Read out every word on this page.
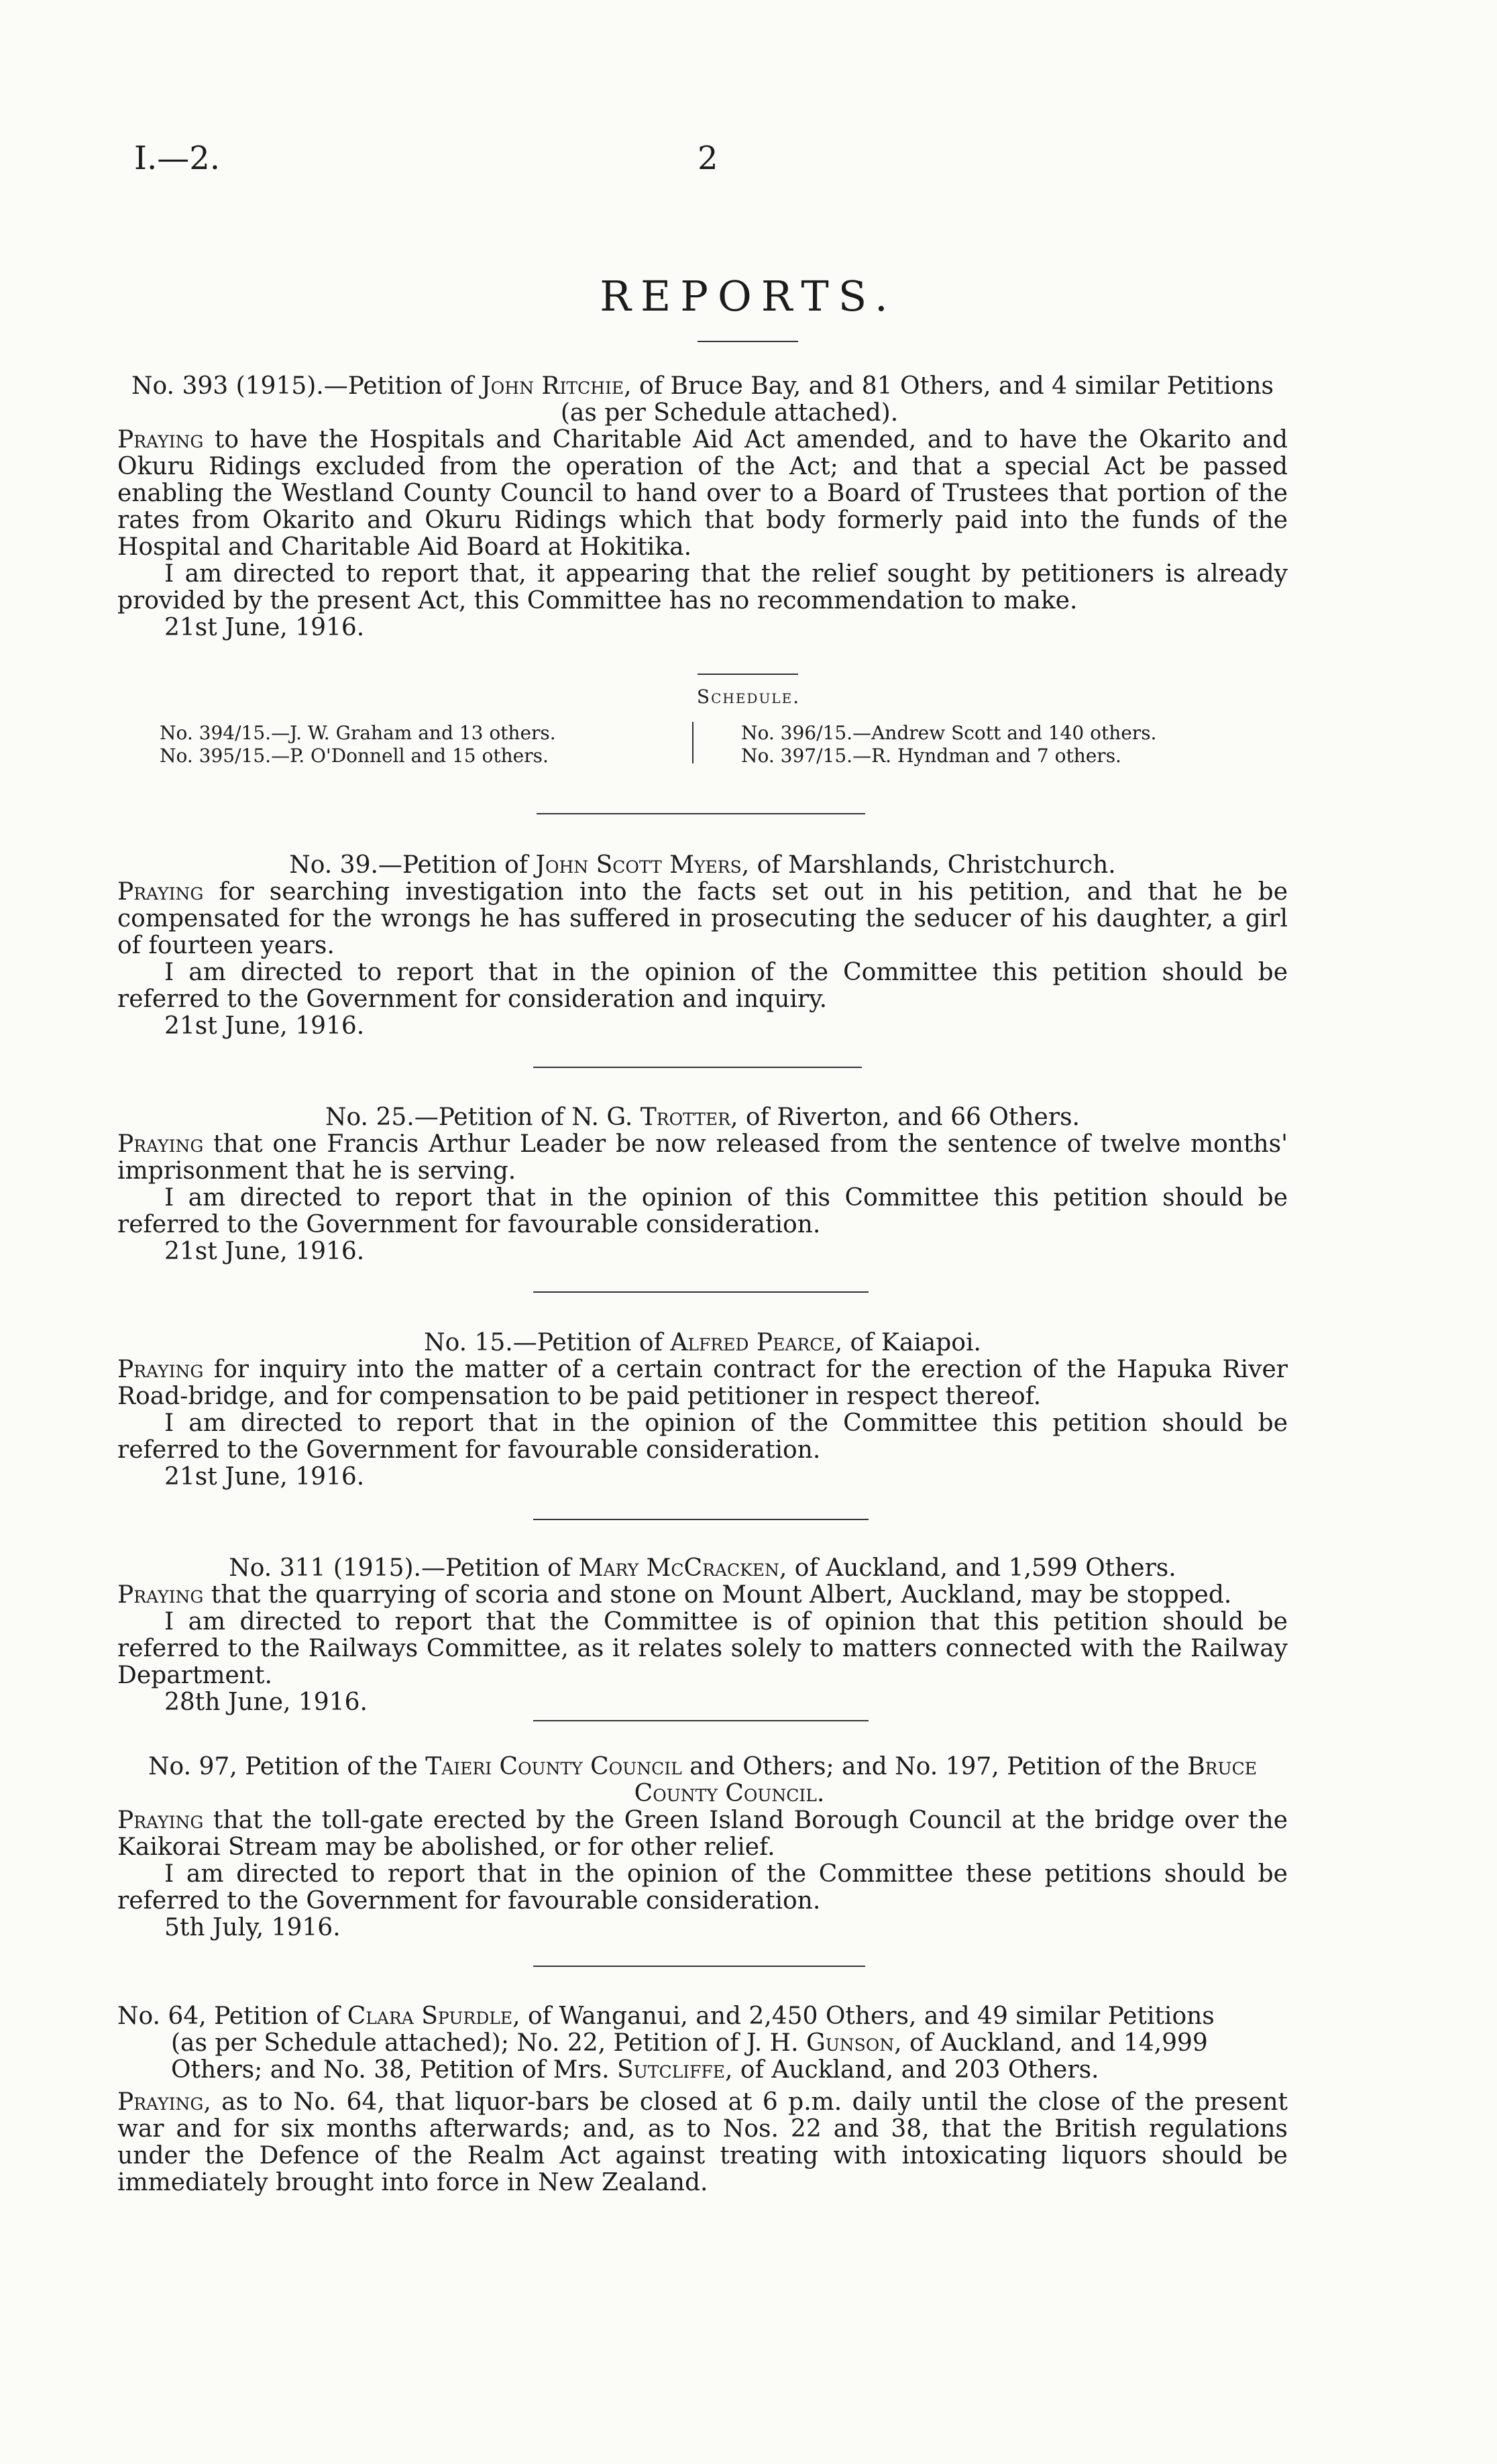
I.—2.	2
REPORTS.
No. 393 (1915).—Petition of John Ritchie, of Bruce Bay, and 81 Others, and 4 similar Petitions
(as per Schedule attached).

Praying to have the Hospitals and Charitable Aid Act amended, and to have the Okarito and Okuru Ridings excluded from the operation of the Act; and that a special Act be passed enabling the Westland County Council to hand over to a Board of Trustees that portion of the rates from Okarito and Okuru Ridings which that body formerly paid into the funds of the Hospital and Charitable Aid Board at Hokitika.

I am directed to report that, it appearing that the relief sought by petitioners is already provided by the present Act, this Committee has no recommendation to make.

21st June, 1916.
Schedule.
No. 394/15.—J. W. Graham and 13 others.
No. 395/15.—P. O'Donnell and 15 others.
No. 396/15.—Andrew Scott and 140 others.
No. 397/15.—R. Hyndman and 7 others.
No. 39.—Petition of John Scott Myers, of Marshlands, Christchurch.

Praying for searching investigation into the facts set out in his petition, and that he be compensated for the wrongs he has suffered in prosecuting the seducer of his daughter, a girl of fourteen years.

I am directed to report that in the opinion of the Committee this petition should be referred to the Government for consideration and inquiry.

21st June, 1916.
No. 25.—Petition of N. G. Trotter, of Riverton, and 66 Others.

Praying that one Francis Arthur Leader be now released from the sentence of twelve months' imprisonment that he is serving.

I am directed to report that in the opinion of this Committee this petition should be referred to the Government for favourable consideration.

21st June, 1916.
No. 15.—Petition of Alfred Pearce, of Kaiapoi.

Praying for inquiry into the matter of a certain contract for the erection of the Hapuka River Road-bridge, and for compensation to be paid petitioner in respect thereof.

I am directed to report that in the opinion of the Committee this petition should be referred to the Government for favourable consideration.

21st June, 1916.
No. 311 (1915).—Petition of Mary McCracken, of Auckland, and 1,599 Others.

Praying that the quarrying of scoria and stone on Mount Albert, Auckland, may be stopped.

I am directed to report that the Committee is of opinion that this petition should be referred to the Railways Committee, as it relates solely to matters connected with the Railway Department.

28th June, 1916.
No. 97, Petition of the Taieri County Council and Others; and No. 197, Petition of the Bruce
County Council.

Praying that the toll-gate erected by the Green Island Borough Council at the bridge over the Kaikorai Stream may be abolished, or for other relief.

I am directed to report that in the opinion of the Committee these petitions should be referred to the Government for favourable consideration.

5th July, 1916.
No. 64, Petition of Clara Spurdle, of Wanganui, and 2,450 Others, and 49 similar Petitions
(as per Schedule attached); No. 22, Petition of J. H. Gunson, of Auckland, and 14,999
Others; and No. 38, Petition of Mrs. Sutcliffe, of Auckland, and 203 Others.

Praying, as to No. 64, that liquor-bars be closed at 6 p.m. daily until the close of the present war and for six months afterwards; and, as to Nos. 22 and 38, that the British regulations under the Defence of the Realm Act against treating with intoxicating liquors should be immediately brought into force in New Zealand.
